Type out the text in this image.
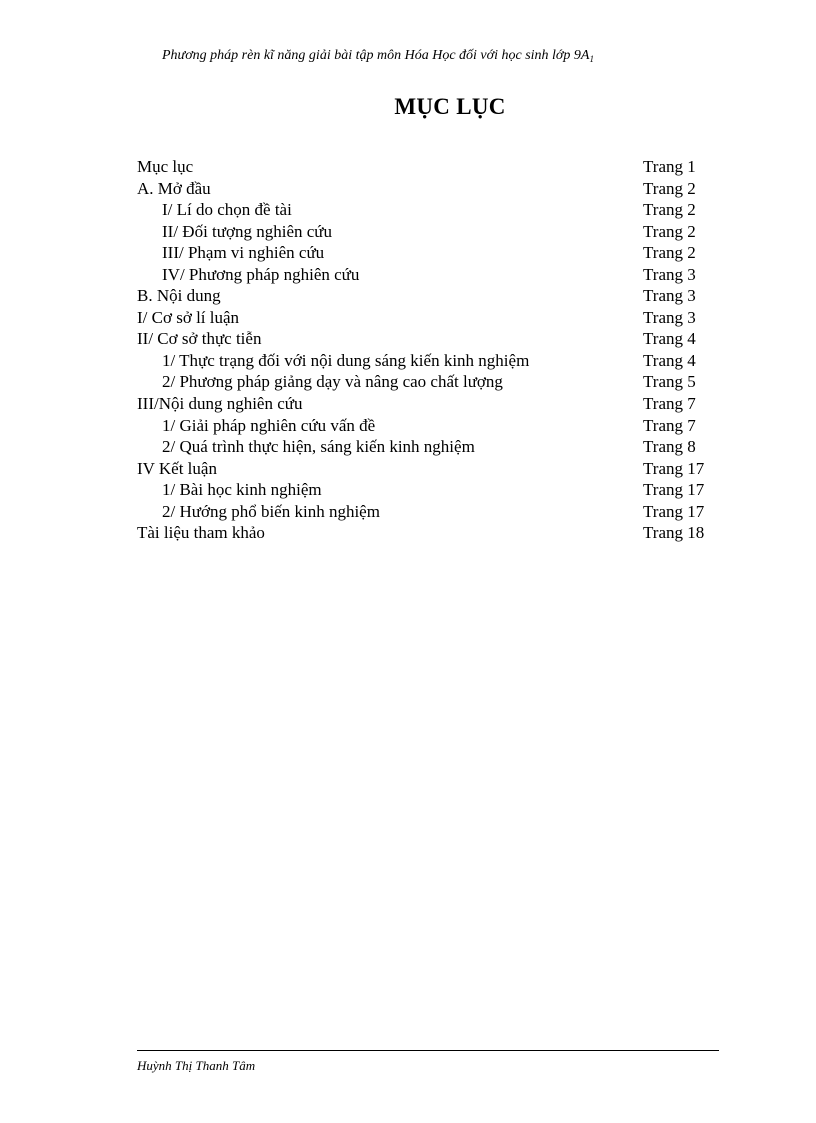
Phương pháp rèn kĩ năng giải bài tập môn Hóa Học đối với học sinh lớp $9A_1$
MỤC LỤC
Mục lục	Trang 1
A. Mở đầu	Trang 2
I/ Lí do chọn đề tài	Trang 2
II/ Đối tượng nghiên cứu	Trang 2
III/ Phạm vi nghiên cứu	Trang 2
IV/ Phương pháp nghiên cứu	Trang 3
B. Nội dung	Trang 3
I/ Cơ sở lí luận	Trang 3
II/ Cơ sở thực tiễn	Trang 4
1/ Thực trạng đối với nội dung sáng kiến kinh nghiệm	Trang 4
2/ Phương pháp giảng dạy và nâng cao chất lượng	Trang 5
III/Nội dung nghiên cứu	Trang 7
1/ Giải pháp nghiên cứu vấn đề	Trang 7
2/ Quá trình thực hiện, sáng kiến kinh nghiệm	Trang 8
IV Kết luận	Trang 17
1/ Bài học kinh nghiệm	Trang 17
2/ Hướng phổ biến kinh nghiệm	Trang 17
Tài liệu tham khảo	Trang 18
Huỳnh Thị Thanh Tâm
